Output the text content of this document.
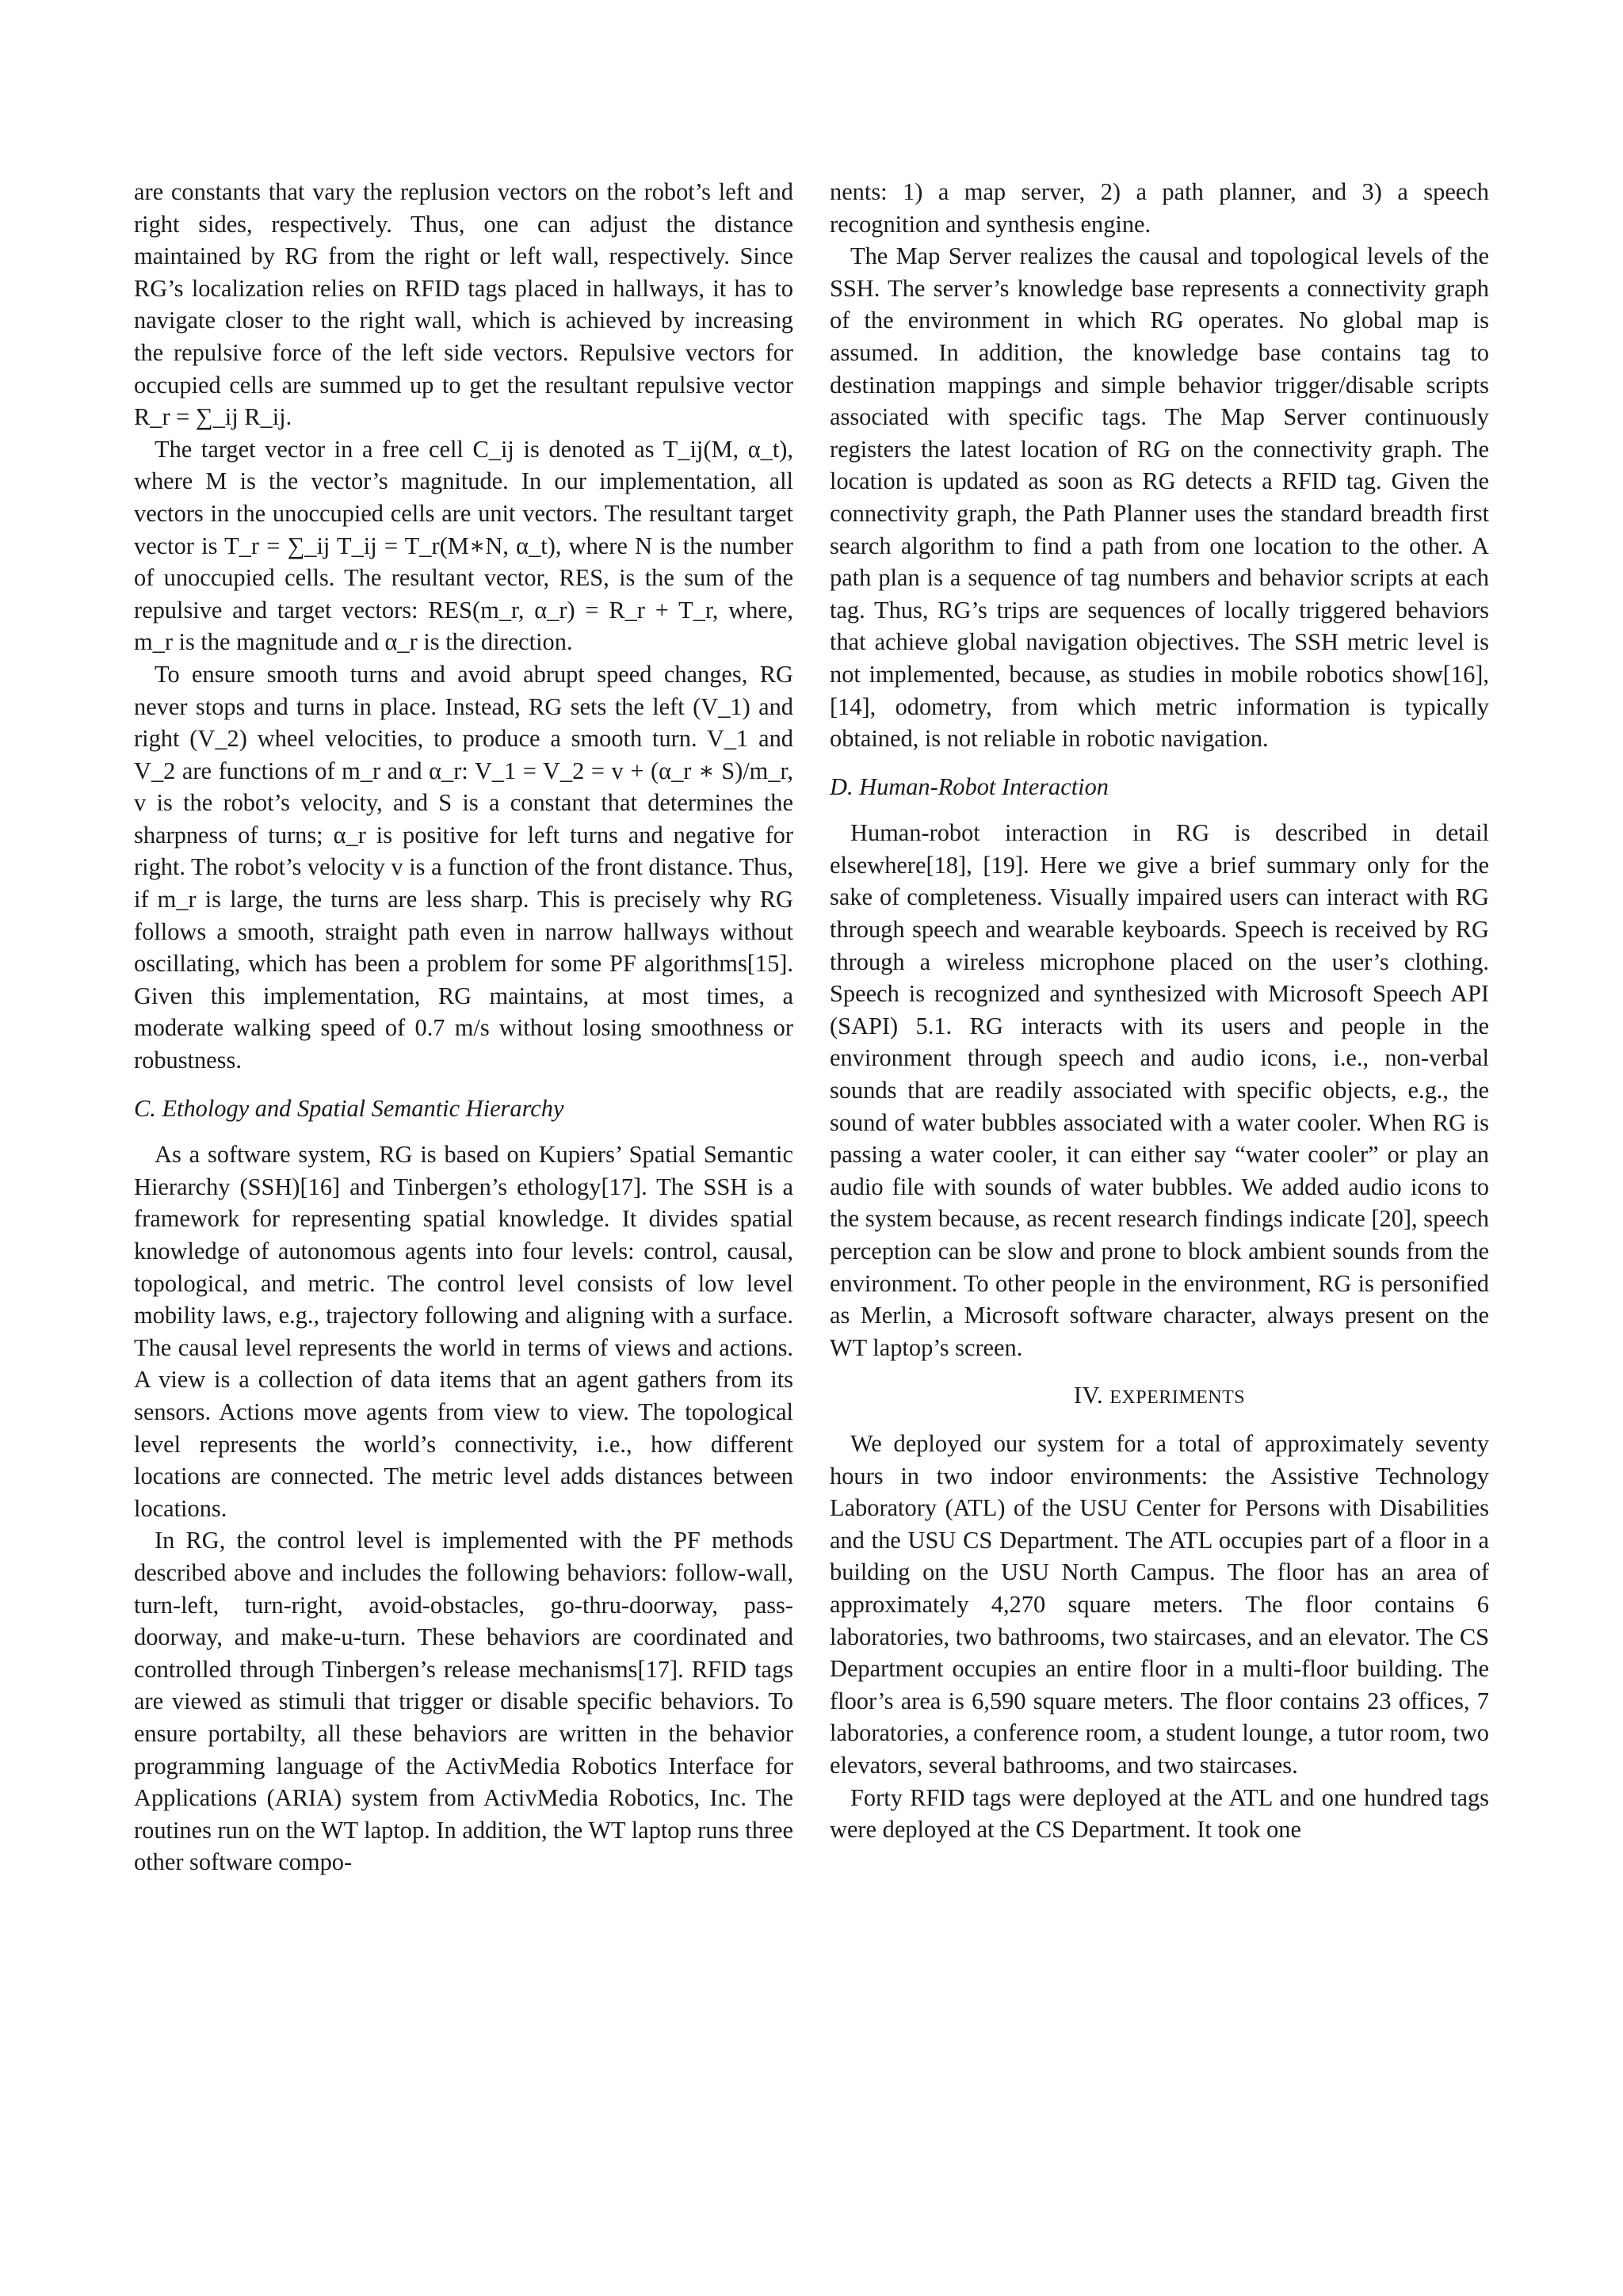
are constants that vary the replusion vectors on the robot’s left and right sides, respectively. Thus, one can adjust the distance maintained by RG from the right or left wall, respectively. Since RG’s localization relies on RFID tags placed in hallways, it has to navigate closer to the right wall, which is achieved by increasing the repulsive force of the left side vectors. Repulsive vectors for occupied cells are summed up to get the resultant repulsive vector R_r = ∑_ij R_ij.

The target vector in a free cell C_ij is denoted as T_ij(M, α_t), where M is the vector’s magnitude. In our implementation, all vectors in the unoccupied cells are unit vectors. The resultant target vector is T_r = ∑_ij T_ij = T_r(M∗N, α_t), where N is the number of unoccupied cells. The resultant vector, RES, is the sum of the repulsive and target vectors: RES(m_r, α_r) = R_r + T_r, where, m_r is the magnitude and α_r is the direction.

To ensure smooth turns and avoid abrupt speed changes, RG never stops and turns in place. Instead, RG sets the left (V_1) and right (V_2) wheel velocities, to produce a smooth turn. V_1 and V_2 are functions of m_r and α_r: V_1 = V_2 = v + (α_r ∗ S)/m_r, v is the robot’s velocity, and S is a constant that determines the sharpness of turns; α_r is positive for left turns and negative for right. The robot’s velocity v is a function of the front distance. Thus, if m_r is large, the turns are less sharp. This is precisely why RG follows a smooth, straight path even in narrow hallways without oscillating, which has been a problem for some PF algorithms[15]. Given this implementation, RG maintains, at most times, a moderate walking speed of 0.7 m/s without losing smoothness or robustness.

C. Ethology and Spatial Semantic Hierarchy

As a software system, RG is based on Kupiers’ Spatial Semantic Hierarchy (SSH)[16] and Tinbergen’s ethology[17]. The SSH is a framework for representing spatial knowledge. It divides spatial knowledge of autonomous agents into four levels: control, causal, topological, and metric. The control level consists of low level mobility laws, e.g., trajectory following and aligning with a surface. The causal level represents the world in terms of views and actions. A view is a collection of data items that an agent gathers from its sensors. Actions move agents from view to view. The topological level represents the world’s connectivity, i.e., how different locations are connected. The metric level adds distances between locations.

In RG, the control level is implemented with the PF methods described above and includes the following behaviors: follow-wall, turn-left, turn-right, avoid-obstacles, go-thru-doorway, pass-doorway, and make-u-turn. These behaviors are coordinated and controlled through Tinbergen’s release mechanisms[17]. RFID tags are viewed as stimuli that trigger or disable specific behaviors. To ensure portabilty, all these behaviors are written in the behavior programming language of the ActivMedia Robotics Interface for Applications (ARIA) system from ActivMedia Robotics, Inc. The routines run on the WT laptop. In addition, the WT laptop runs three other software compo-

nents: 1) a map server, 2) a path planner, and 3) a speech recognition and synthesis engine.

The Map Server realizes the causal and topological levels of the SSH. The server’s knowledge base represents a connectivity graph of the environment in which RG operates. No global map is assumed. In addition, the knowledge base contains tag to destination mappings and simple behavior trigger/disable scripts associated with specific tags. The Map Server continuously registers the latest location of RG on the connectivity graph. The location is updated as soon as RG detects a RFID tag. Given the connectivity graph, the Path Planner uses the standard breadth first search algorithm to find a path from one location to the other. A path plan is a sequence of tag numbers and behavior scripts at each tag. Thus, RG’s trips are sequences of locally triggered behaviors that achieve global navigation objectives. The SSH metric level is not implemented, because, as studies in mobile robotics show[16], [14], odometry, from which metric information is typically obtained, is not reliable in robotic navigation.

D. Human-Robot Interaction

Human-robot interaction in RG is described in detail elsewhere[18], [19]. Here we give a brief summary only for the sake of completeness. Visually impaired users can interact with RG through speech and wearable keyboards. Speech is received by RG through a wireless microphone placed on the user’s clothing. Speech is recognized and synthesized with Microsoft Speech API (SAPI) 5.1. RG interacts with its users and people in the environment through speech and audio icons, i.e., non-verbal sounds that are readily associated with specific objects, e.g., the sound of water bubbles associated with a water cooler. When RG is passing a water cooler, it can either say “water cooler” or play an audio file with sounds of water bubbles. We added audio icons to the system because, as recent research findings indicate [20], speech perception can be slow and prone to block ambient sounds from the environment. To other people in the environment, RG is personified as Merlin, a Microsoft software character, always present on the WT laptop’s screen.

IV. EXPERIMENTS

We deployed our system for a total of approximately seventy hours in two indoor environments: the Assistive Technology Laboratory (ATL) of the USU Center for Persons with Disabilities and the USU CS Department. The ATL occupies part of a floor in a building on the USU North Campus. The floor has an area of approximately 4,270 square meters. The floor contains 6 laboratories, two bathrooms, two staircases, and an elevator. The CS Department occupies an entire floor in a multi-floor building. The floor’s area is 6,590 square meters. The floor contains 23 offices, 7 laboratories, a conference room, a student lounge, a tutor room, two elevators, several bathrooms, and two staircases.

Forty RFID tags were deployed at the ATL and one hundred tags were deployed at the CS Department. It took one
